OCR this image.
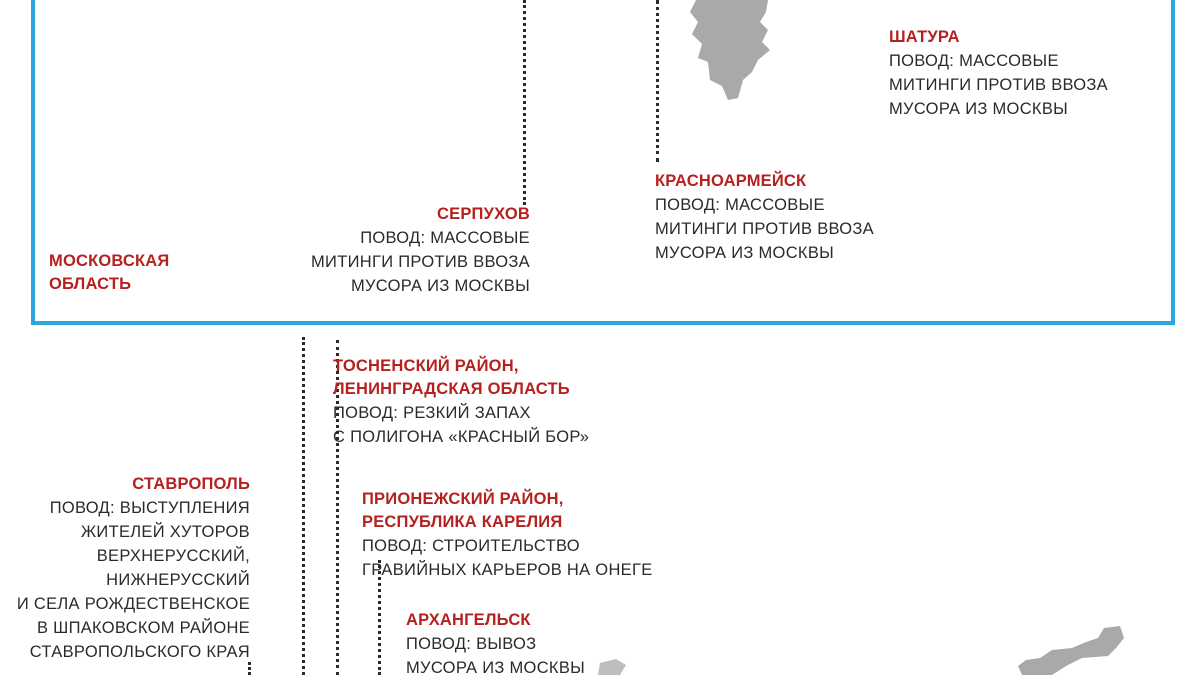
МОСКОВСКАЯ
ОБЛАСТЬ
ШАТУРА
ПОВОД: МАССОВЫЕ
МИТИНГИ ПРОТИВ ВВОЗА
МУСОРА ИЗ МОСКВЫ
КРАСНОАРМЕЙСК
ПОВОД: МАССОВЫЕ
МИТИНГИ ПРОТИВ ВВОЗА
МУСОРА ИЗ МОСКВЫ
СЕРПУХОВ
ПОВОД: МАССОВЫЕ
МИТИНГИ ПРОТИВ ВВОЗА
МУСОРА ИЗ МОСКВЫ
ТОСНЕНСКИЙ РАЙОН,
ЛЕНИНГРАДСКАЯ ОБЛАСТЬ
ПОВОД: РЕЗКИЙ ЗАПАХ
С ПОЛИГОНА «КРАСНЫЙ БОР»
СТАВРОПОЛЬ
ПОВОД: ВЫСТУПЛЕНИЯ
ЖИТЕЛЕЙ ХУТОРОВ
ВЕРХНЕРУССКИЙ,
НИЖНЕРУССКИЙ
И СЕЛА РОЖДЕСТВЕНСКОЕ
В ШПАКОВСКОМ РАЙОНЕ
СТАВРОПОЛЬСКОГО КРАЯ
ПРИОНЕЖСКИЙ РАЙОН,
РЕСПУБЛИКА КАРЕЛИЯ
ПОВОД: СТРОИТЕЛЬСТВО
ГРАВИЙНЫХ КАРЬЕРОВ НА ОНЕГЕ
АРХАНГЕЛЬСК
ПОВОД: ВЫВОЗ
МУСОРА ИЗ МОСКВЫ
